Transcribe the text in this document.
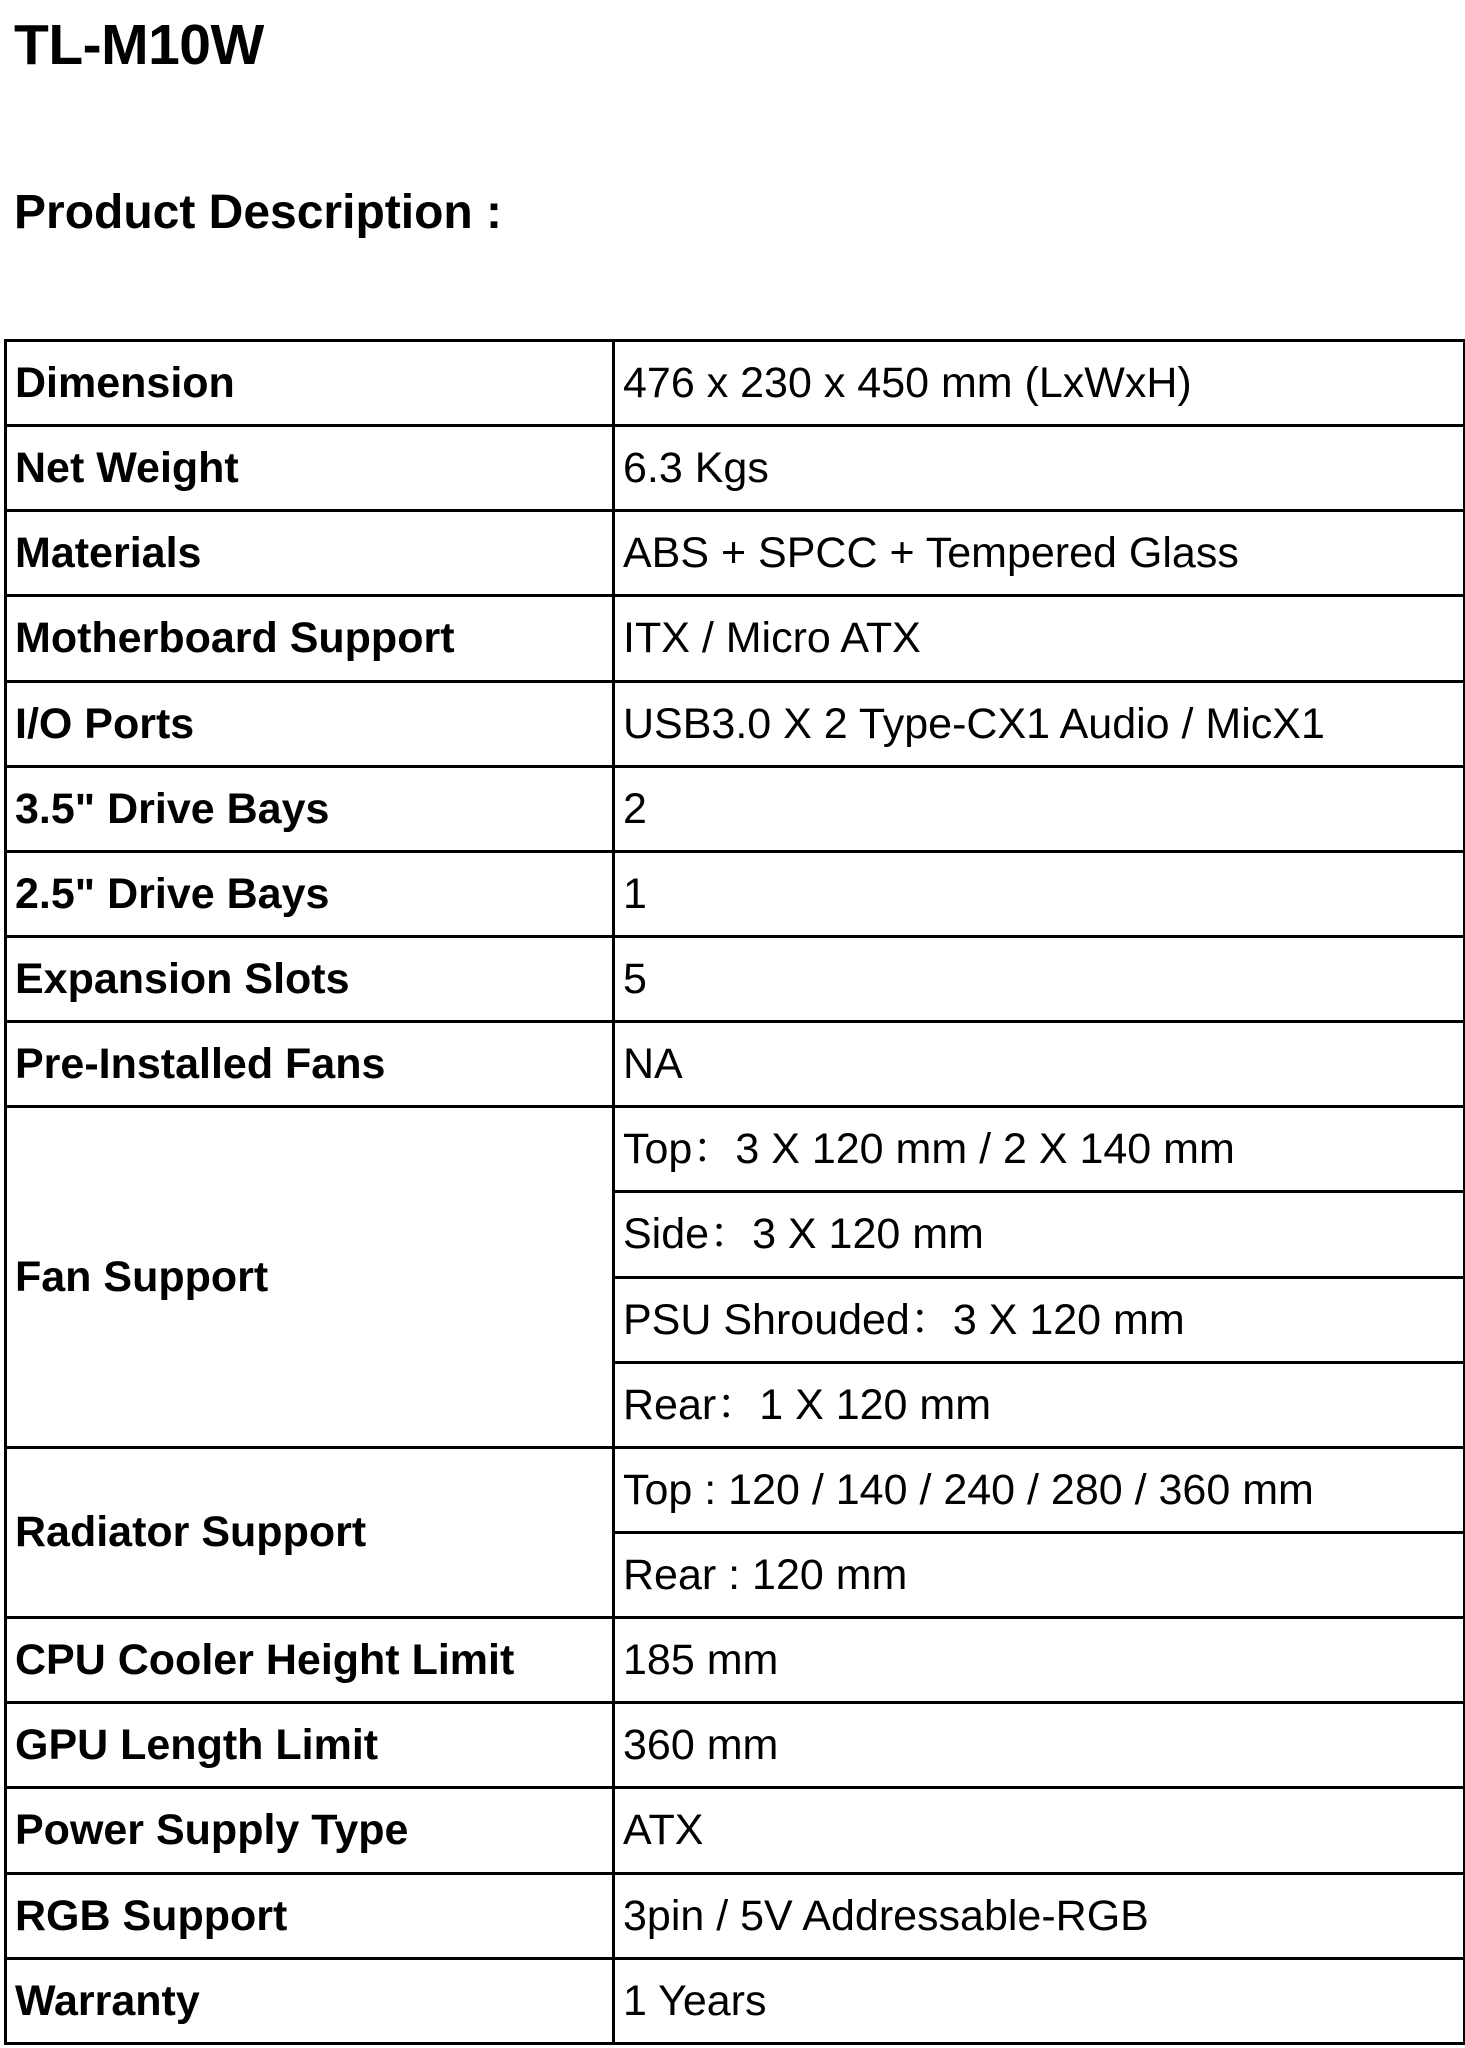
TL-M10W
Product Description :
Dimension	476 x 230 x 450 mm (LxWxH)
Net Weight	6.3 Kgs
Materials	ABS + SPCC + Tempered Glass
Motherboard Support	ITX / Micro ATX
I/O Ports	USB3.0 X 2 Type-CX1 Audio / MicX1
3.5" Drive Bays	2
2.5" Drive Bays	1
Expansion Slots	5
Pre-Installed Fans	NA
Fan Support	Top：3 X 120 mm / 2 X 140 mm
	Side：3 X 120 mm
	PSU Shrouded：3 X 120 mm
	Rear：1 X 120 mm
Radiator Support	Top : 120 / 140 / 240 / 280 / 360 mm
	Rear : 120 mm
CPU Cooler Height Limit	185 mm
GPU Length Limit	360 mm
Power Supply Type	ATX
RGB Support	3pin / 5V Addressable-RGB
Warranty	1 Years
